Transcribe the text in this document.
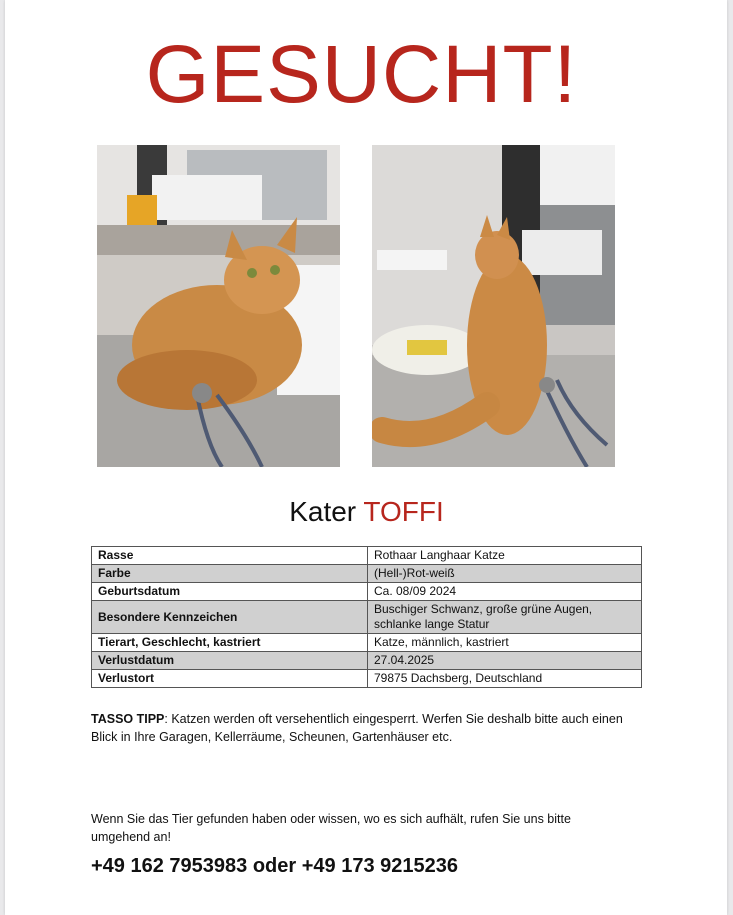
GESUCHT!
Kater TOFFI
Rasse	Rothaar Langhaar Katze
Farbe	(Hell-)Rot-weiß
Geburtsdatum	Ca. 08/09 2024
Besondere Kennzeichen	Buschiger Schwanz, große grüne Augen, schlanke lange Statur
Tierart, Geschlecht, kastriert	Katze, männlich, kastriert
Verlustdatum	27.04.2025
Verlustort	79875 Dachsberg, Deutschland
TASSO TIPP: Katzen werden oft versehentlich eingesperrt. Werfen Sie deshalb bitte auch einen Blick in Ihre Garagen, Kellerräume, Scheunen, Gartenhäuser etc.
Wenn Sie das Tier gefunden haben oder wissen, wo es sich aufhält, rufen Sie uns bitte umgehend an!
+49 162 7953983 oder +49 173 9215236
